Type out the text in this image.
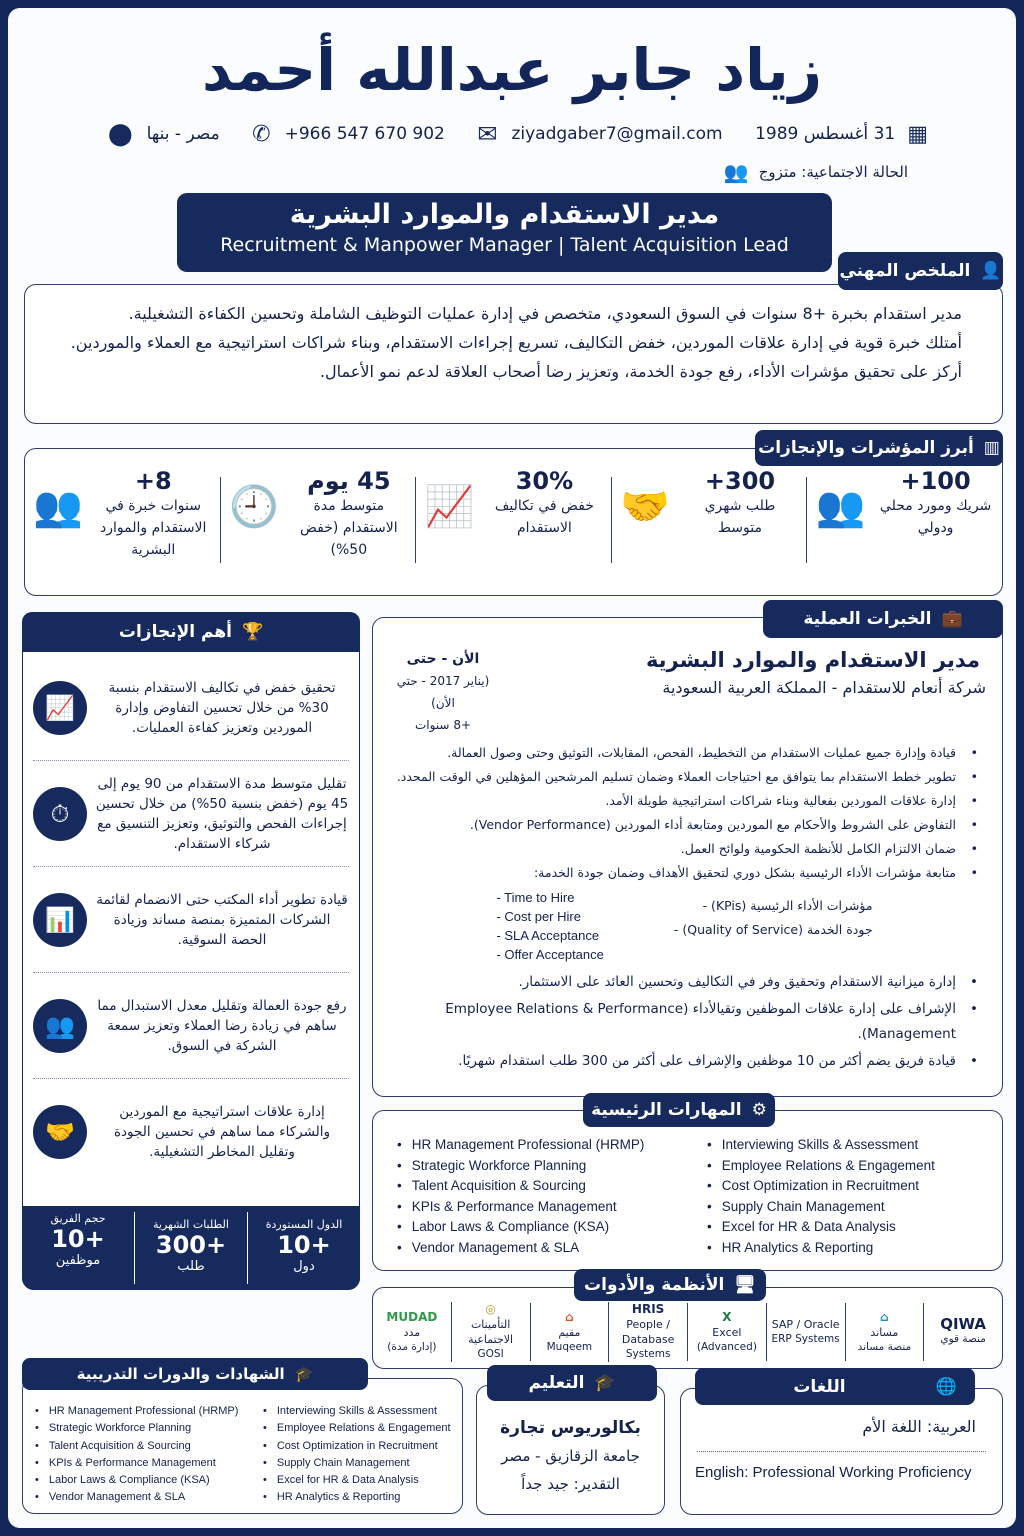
زياد جابر عبدالله أحمد
▦
31 أغسطس 1989
✉ ziyadgaber7@gmail.com
✆ +966 547 670 902
مصر - بنها
⬤
الحالة الاجتماعية: متزوج
👥
مدير الاستقدام والموارد البشرية
Recruitment & Manpower Manager | Talent Acquisition Lead
مدير استقدام بخبرة +8 سنوات في السوق السعودي، متخصص في إدارة عمليات التوظيف الشاملة وتحسين الكفاءة التشغيلية.
أمتلك خبرة قوية في إدارة علاقات الموردين، خفض التكاليف، تسريع إجراءات الاستقدام، وبناء شراكات استراتيجية مع العملاء والموردين.
أركز على تحقيق مؤشرات الأداء، رفع جودة الخدمة، وتعزيز رضا أصحاب العلاقة لدعم نمو الأعمال.
👤
الملخص المهني
100+
شريك ومورد محلي ودولي
👥
300+
طلب شهري متوسط
🤝
30%
خفض في تكاليف الاستقدام
📈
45 يوم
متوسط مدة الاستقدام (خفض 50%)
🕘
8+
سنوات خبرة في الاستقدام والموارد البشرية
👥
▥
أبرز المؤشرات والإنجازات
تحقيق خفض في تكاليف الاستقدام بنسبة 30% من خلال تحسين التفاوض وإدارة الموردين وتعزيز كفاءة العمليات.
📈
تقليل متوسط مدة الاستقدام من 90 يوم إلى 45 يوم (خفض بنسبة 50%) من خلال تحسين إجراءات الفحص والتوثيق، وتعزيز التنسيق مع شركاء الاستقدام.
⏱
قيادة تطوير أداء المكتب حتى الانضمام لقائمة الشركات المتميزة بمنصة مساند وزيادة الحصة السوقية.
📊
رفع جودة العمالة وتقليل معدل الاستبدال مما ساهم في زيادة رضا العملاء وتعزيز سمعة الشركة في السوق.
👥
إدارة علاقات استراتيجية مع الموردين والشركاء مما ساهم في تحسين الجودة وتقليل المخاطر التشغيلية.
🤝
الدول المستوردة
10+
دول
الطلبات الشهرية
300+
طلب
حجم الفريق
10+
موظفين
🏆
أهم الإنجازات
💼
الخبرات العملية
مدير الاستقدام والموارد البشرية
شركة أنعام للاستقدام - المملكة العربية السعودية
الأن - حتى
(يناير 2017 - حتي الأن)
+8 سنوات
•
قيادة وإدارة جميع عمليات الاستقدام من التخطيط، الفحص، المقابلات، التوثيق وحتى وصول العمالة.
•
تطوير خطط الاستقدام بما يتوافق مع احتياجات العملاء وضمان تسليم المرشحين المؤهلين في الوقت المحدد.
•
إدارة علاقات الموردين بفعالية وبناء شراكات استراتيجية طويلة الأمد.
•
التفاوض على الشروط والأحكام مع الموردين ومتابعة أداء الموردين (Vendor Performance).
•
ضمان الالتزام الكامل للأنظمة الحكومية ولوائح العمل.
•
متابعة مؤشرات الأداء الرئيسية بشكل دوري لتحقيق الأهداف وضمان جودة الخدمة:
- Time to Hire
- Cost per Hire
- SLA Acceptance
- Offer Acceptance
مؤشرات الأداء الرئيسية (KPis) -
جودة الخدمة (Quality of Service) -
•
إدارة ميزانية الاستقدام وتحقيق وفر في التكاليف وتحسين العائد على الاستثمار.
•
الإشراف على إدارة علاقات الموظفين وتقيالأداء (Employee Relations & Performance Management).
•
قيادة فريق يضم أكثر من 10 موظفين والإشراف على أكثر من 300 طلب استقدام شهريًا.
⚙
المهارات الرئيسية
• HR Management Professional (HRMP)
• Strategic Workforce Planning
• Talent Acquisition & Sourcing
• KPIs & Performance Management
• Labor Laws & Compliance (KSA)
• Vendor Management & SLA
• Interviewing Skills & Assessment
• Employee Relations & Engagement
• Cost Optimization in Recruitment
• Supply Chain Management
• Excel for HR & Data Analysis
• HR Analytics & Reporting
🖥
الأنظمة والأدوات
QIWA
منصة قوي
⌂
مساند
منصة مساند
SAP / Oracle
ERP Systems
X
Excel
(Advanced)
HRIS
People / Database
Systems
⌂
مقيم
Muqeem
◎
التأمينات الاجتماعية
GOSI
MUDAD
مدد
(إدارة مدة)
• HR Management Professional (HRMP)
• Strategic Workforce Planning
• Talent Acquisition & Sourcing
• KPIs & Performance Management
• Labor Laws & Compliance (KSA)
• Vendor Management & SLA
• Interviewing Skills & Assessment
• Employee Relations & Engagement
• Cost Optimization in Recruitment
• Supply Chain Management
• Excel for HR & Data Analysis
• HR Analytics & Reporting
🎓
الشهادات والدورات التدريبية
بكالوريوس تجارة
جامعة الزقازيق - مصر
التقدير: جيد جداً
🎓
التعليم
العربية: اللغة الأم
English: Professional Working Proficiency
🌐
اللغات
